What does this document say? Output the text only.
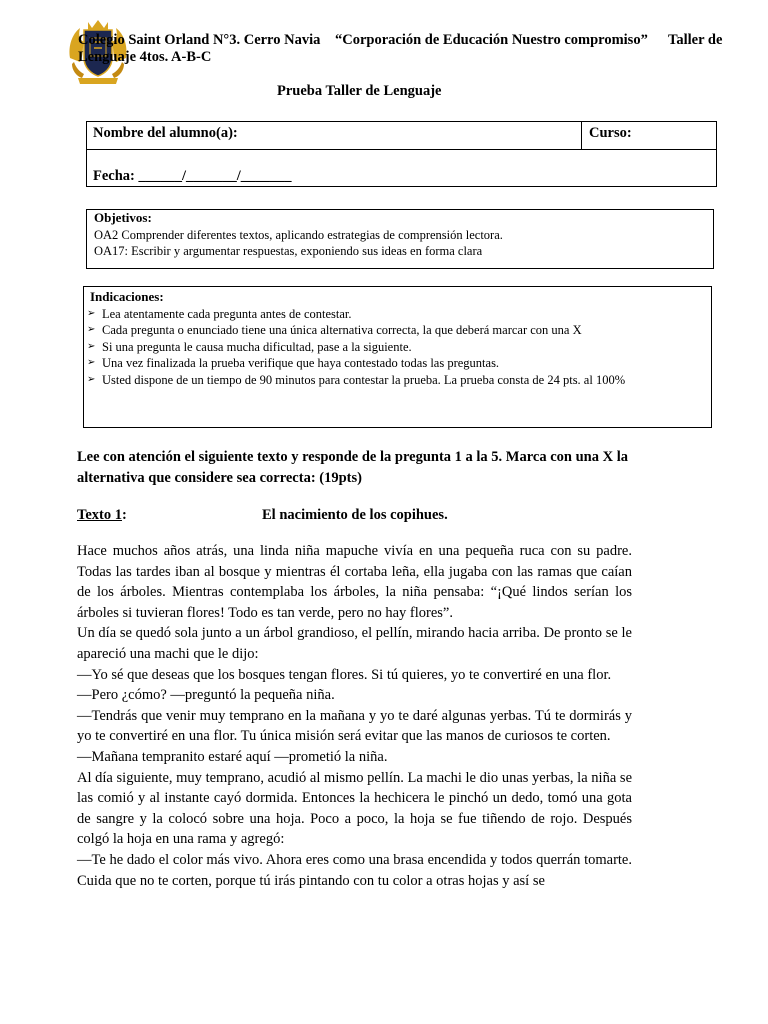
Colegio Saint Orland N°3. Cerro Navia “Corporación de Educación Nuestro compromiso” Taller de
Lenguaje 4tos. A-B-C
Prueba Taller de Lenguaje
Nombre del alumno(a):	Curso:
Fecha: ______/_______/_______
Objetivos:
OA2 Comprender diferentes textos, aplicando estrategias de comprensión lectora.
OA17: Escribir y argumentar respuestas, exponiendo sus ideas en forma clara
Indicaciones:
➢ Lea atentamente cada pregunta antes de contestar.
➢ Cada pregunta o enunciado tiene una única alternativa correcta, la que deberá marcar con una X
➢ Si una pregunta le causa mucha dificultad, pase a la siguiente.
➢ Una vez finalizada la prueba verifique que haya contestado todas las preguntas.
➢ Usted dispone de un tiempo de 90 minutos para contestar la prueba. La prueba consta de 24 pts. al 100%
Lee con atención el siguiente texto y responde de la pregunta 1 a la 5. Marca con una X la alternativa que considere sea correcta: (19pts)
Texto 1:	El nacimiento de los copihues.

Hace muchos años atrás, una linda niña mapuche vivía en una pequeña ruca con su padre. Todas las tardes iban al bosque y mientras él cortaba leña, ella jugaba con las ramas que caían de los árboles. Mientras contemplaba los árboles, la niña pensaba: “¡Qué lindos serían los árboles si tuvieran flores! Todo es tan verde, pero no hay flores”.

Un día se quedó sola junto a un árbol grandioso, el pellín, mirando hacia arriba. De pronto se le apareció una machi que le dijo:

—Yo sé que deseas que los bosques tengan flores. Si tú quieres, yo te convertiré en una flor.

—Pero ¿cómo? —preguntó la pequeña niña.

—Tendrás que venir muy temprano en la mañana y yo te daré algunas yerbas. Tú te dormirás y yo te convertiré en una flor. Tu única misión será evitar que las manos de curiosos te corten.

—Mañana tempranito estaré aquí —prometió la niña.

Al día siguiente, muy temprano, acudió al mismo pellín. La machi le dio unas yerbas, la niña se las comió y al instante cayó dormida. Entonces la hechicera le pinchó un dedo, tomó una gota de sangre y la colocó sobre una hoja. Poco a poco, la hoja se fue tiñendo de rojo. Después colgó la hoja en una rama y agregó:

—Te he dado el color más vivo. Ahora eres como una brasa encendida y todos querrán tomarte. Cuida que no te corten, porque tú irás pintando con tu color a otras hojas y así se
